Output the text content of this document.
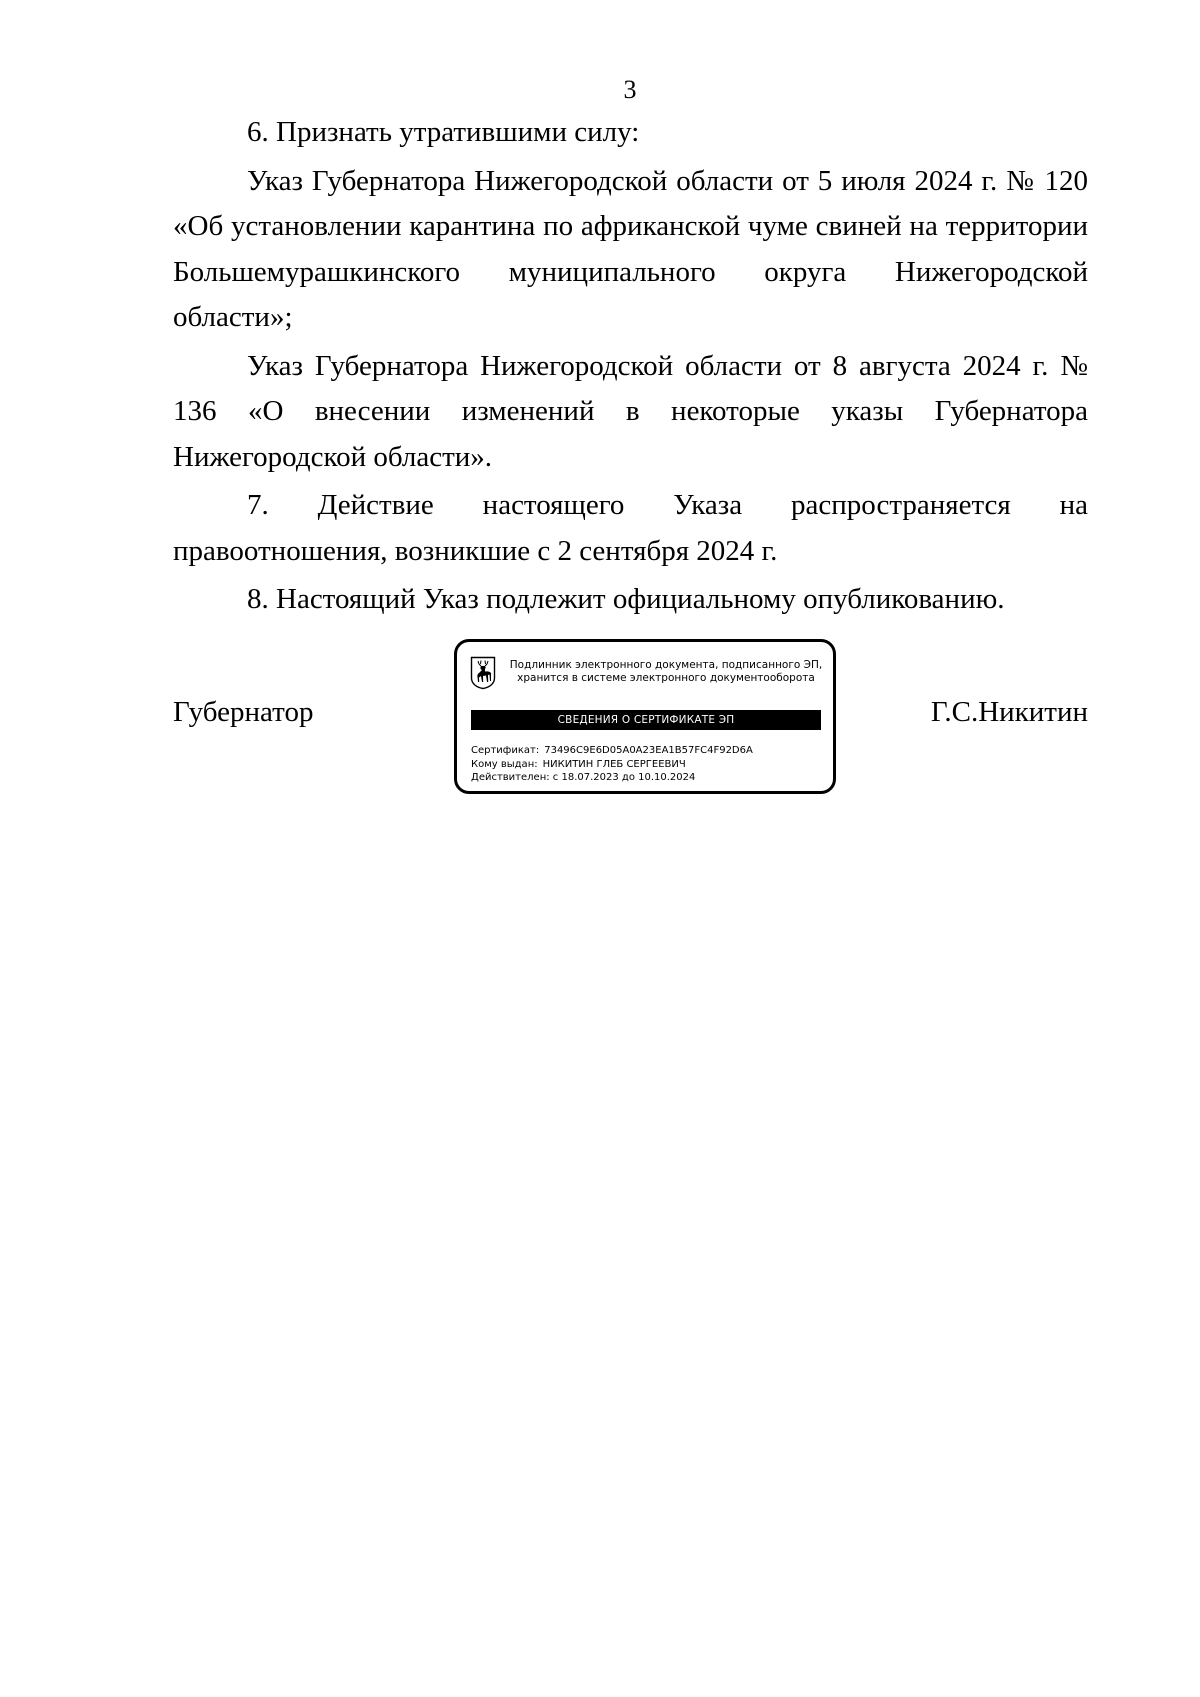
3

6. Признать утратившими силу:

Указ Губернатора Нижегородской области от 5 июля 2024 г. № 120 «Об установлении карантина по африканской чуме свиней на территории Большемурашкинского муниципального округа Нижегородской области»;

Указ Губернатора Нижегородской области от 8 августа 2024 г. № 136 «О внесении изменений в некоторые указы Губернатора Нижегородской области».

7. Действие настоящего Указа распространяется на правоотношения, возникшие с 2 сентября 2024 г.

8. Настоящий Указ подлежит официальному опубликованию.

Губернатор	Г.С.Никитин
Подлинник электронного документа, подписанного ЭП,
хранится в системе электронного документооборота
СВЕДЕНИЯ О СЕРТИФИКАТЕ ЭП
Сертификат: 73496C9E6D05A0A23EA1B57FC4F92D6A
Кому выдан: НИКИТИН ГЛЕБ СЕРГЕЕВИЧ
Действителен: с 18.07.2023 до 10.10.2024
